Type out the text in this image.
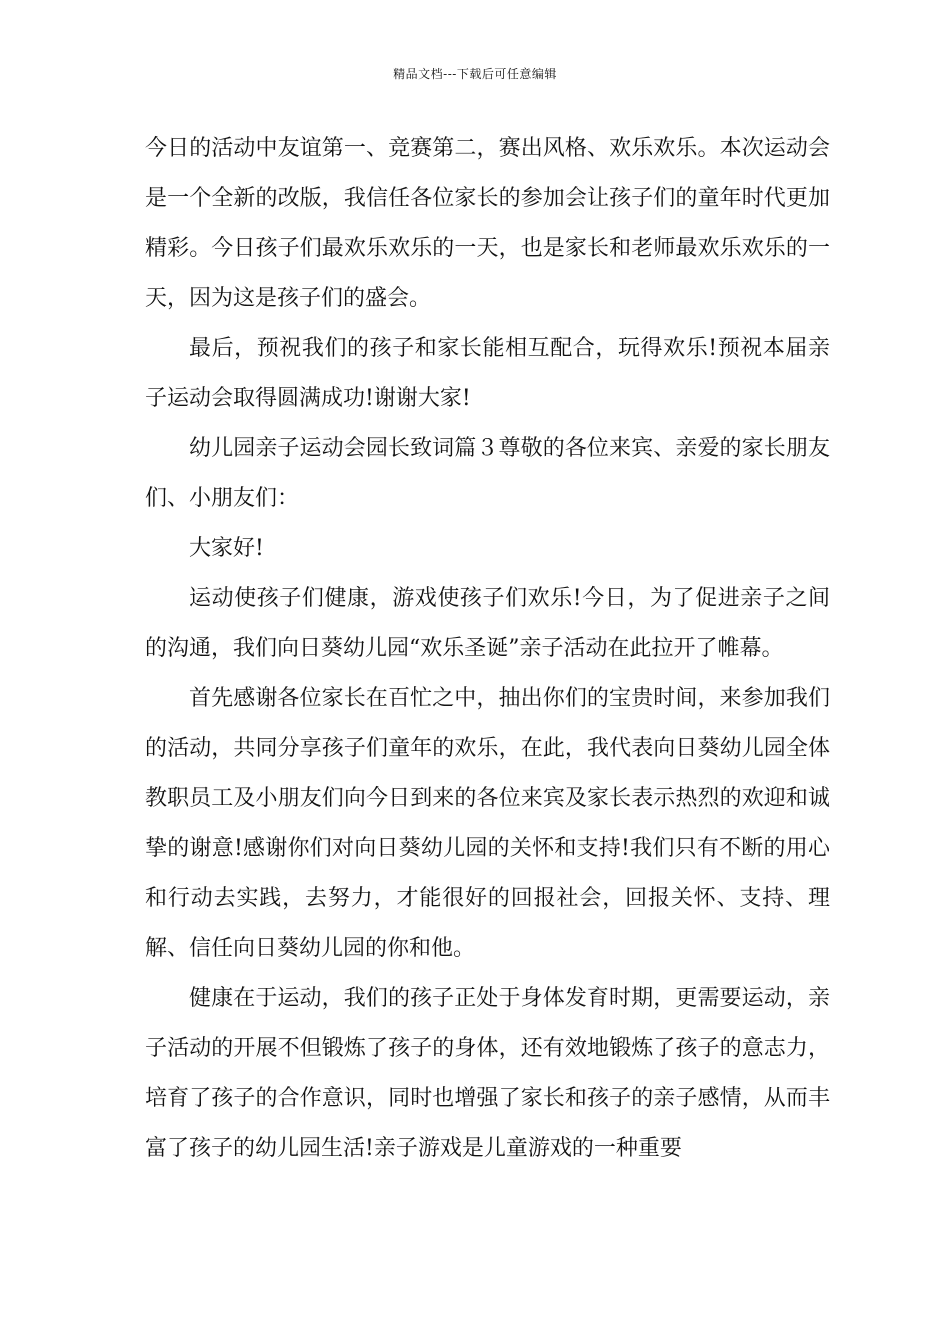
精品文档---下载后可任意编辑

今日的活动中友谊第一、竞赛第二，赛出风格、欢乐欢乐。本次运动会是一个全新的改版，我信任各位家长的参加会让孩子们的童年时代更加精彩。今日孩子们最欢乐欢乐的一天，也是家长和老师最欢乐欢乐的一天，因为这是孩子们的盛会。

最后，预祝我们的孩子和家长能相互配合，玩得欢乐!预祝本届亲子运动会取得圆满成功!谢谢大家!

幼儿园亲子运动会园长致词篇３尊敬的各位来宾、亲爱的家长朋友们、小朋友们：

大家好!

运动使孩子们健康，游戏使孩子们欢乐!今日，为了促进亲子之间的沟通，我们向日葵幼儿园“欢乐圣诞”亲子活动在此拉开了帷幕。

首先感谢各位家长在百忙之中，抽出你们的宝贵时间，来参加我们的活动，共同分享孩子们童年的欢乐，在此，我代表向日葵幼儿园全体教职员工及小朋友们向今日到来的各位来宾及家长表示热烈的欢迎和诚挚的谢意!感谢你们对向日葵幼儿园的关怀和支持!我们只有不断的用心和行动去实践，去努力，才能很好的回报社会，回报关怀、支持、理解、信任向日葵幼儿园的你和他。

健康在于运动，我们的孩子正处于身体发育时期，更需要运动，亲子活动的开展不但锻炼了孩子的身体，还有效地锻炼了孩子的意志力，培育了孩子的合作意识，同时也增强了家长和孩子的亲子感情，从而丰富了孩子的幼儿园生活!亲子游戏是儿童游戏的一种重要
